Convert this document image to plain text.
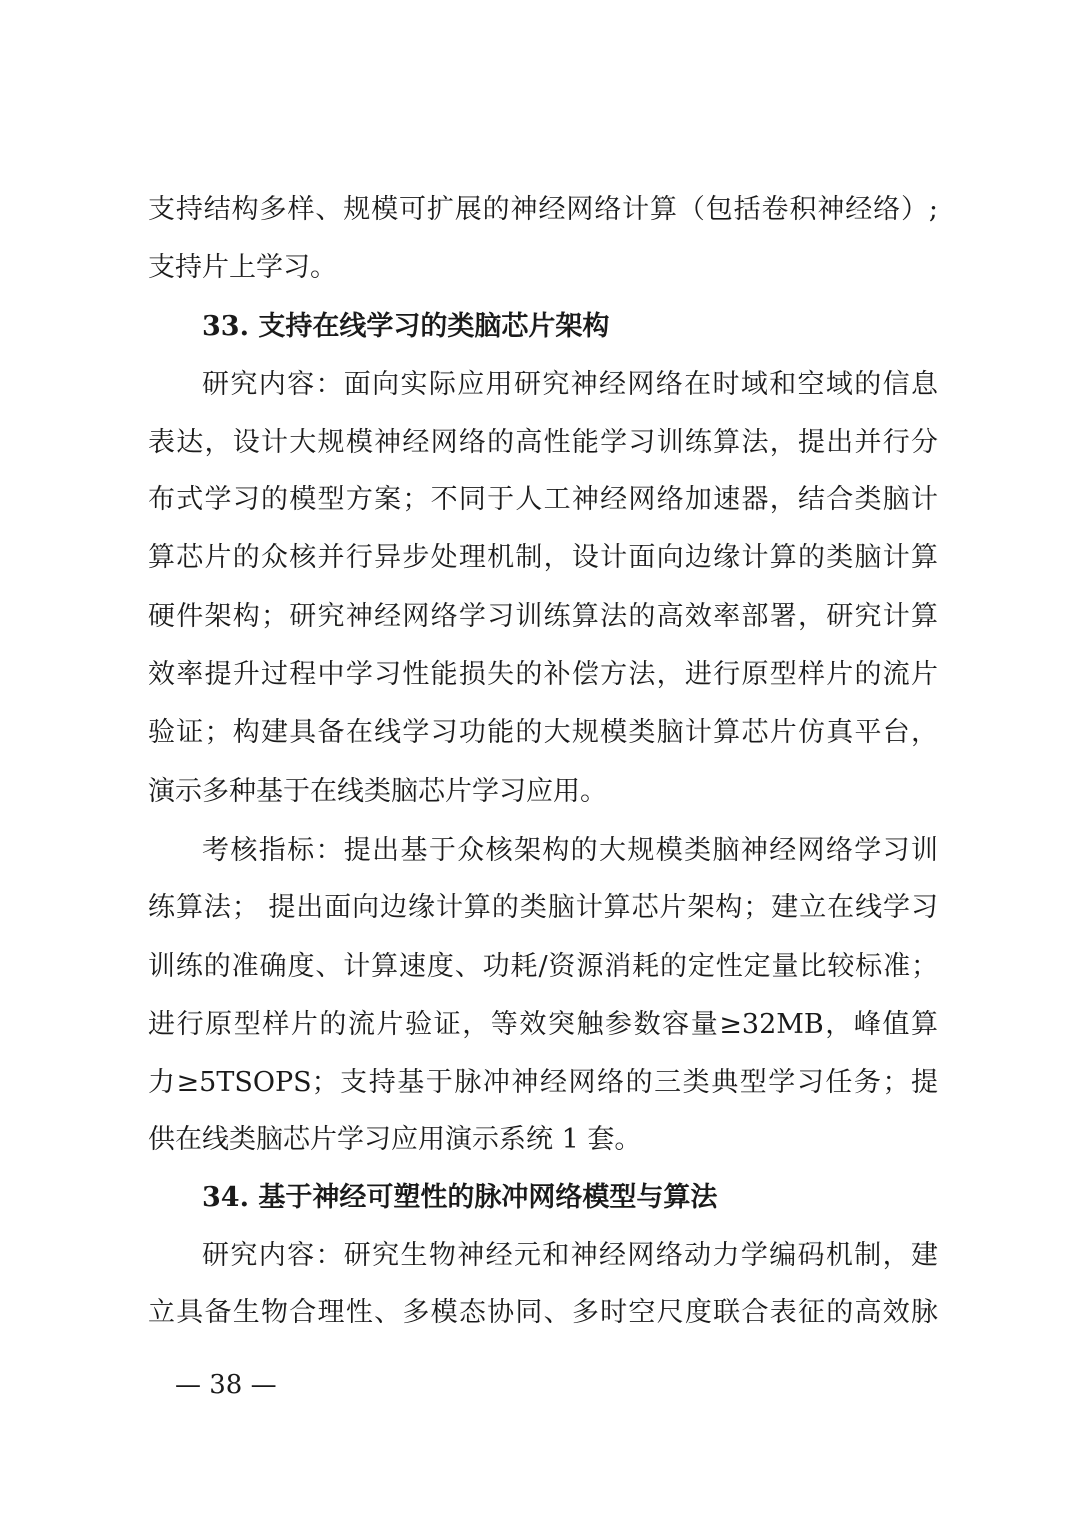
支持结构多样、规模可扩展的神经网络计算（包括卷积神经络）;
支持片上学习。
33. 支持在线学习的类脑芯片架构
研究内容：面向实际应用研究神经网络在时域和空域的信息
表达，设计大规模神经网络的高性能学习训练算法，提出并行分
布式学习的模型方案；不同于人工神经网络加速器，结合类脑计
算芯片的众核并行异步处理机制，设计面向边缘计算的类脑计算
硬件架构；研究神经网络学习训练算法的高效率部署，研究计算
效率提升过程中学习性能损失的补偿方法，进行原型样片的流片
验证；构建具备在线学习功能的大规模类脑计算芯片仿真平台，
演示多种基于在线类脑芯片学习应用。
考核指标：提出基于众核架构的大规模类脑神经网络学习训
练算法； 提出面向边缘计算的类脑计算芯片架构；建立在线学习
训练的准确度、计算速度、功耗/资源消耗的定性定量比较标准；
进行原型样片的流片验证，等效突触参数容量≥32MB，峰值算
力≥5TSOPS；支持基于脉冲神经网络的三类典型学习任务；提
供在线类脑芯片学习应用演示系统 1 套。
34. 基于神经可塑性的脉冲网络模型与算法
研究内容：研究生物神经元和神经网络动力学编码机制，建
立具备生物合理性、多模态协同、多时空尺度联合表征的高效脉
— 38 —
